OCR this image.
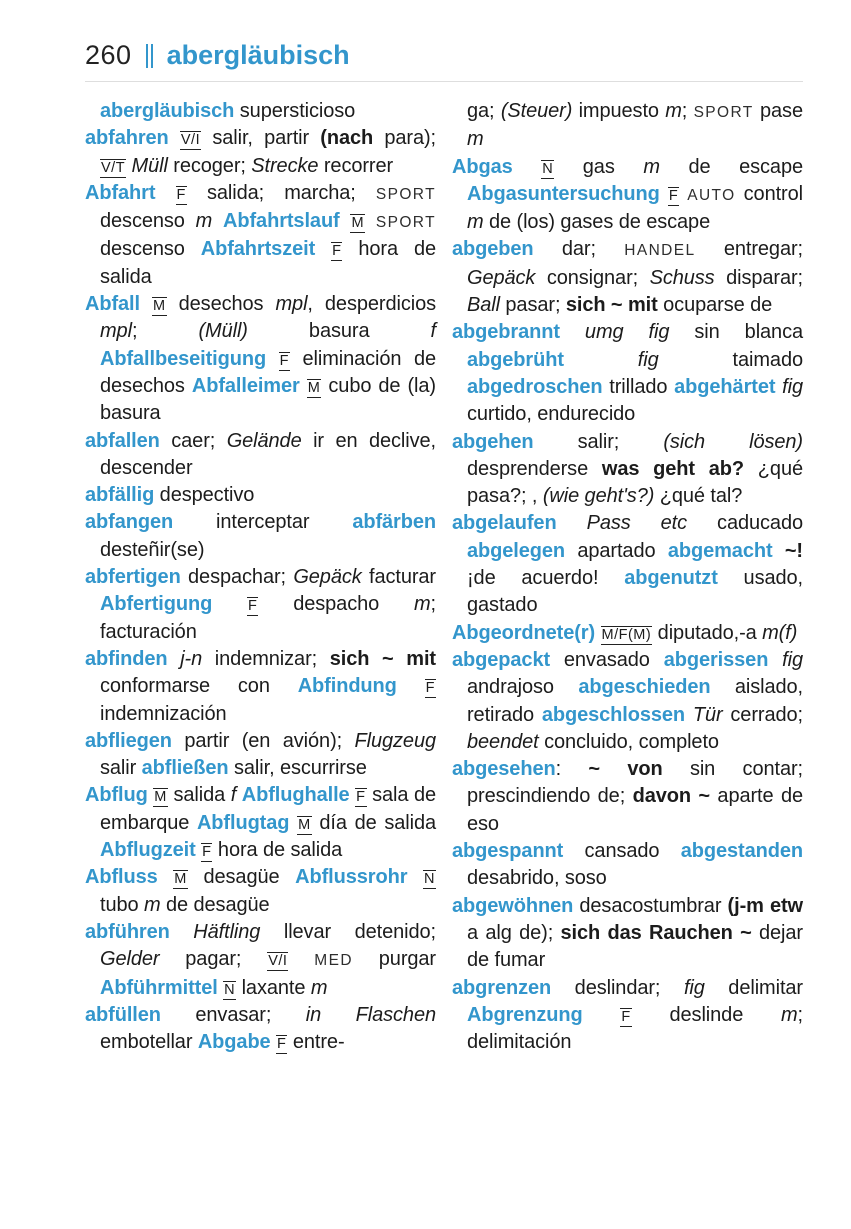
260 abergläubisch

abergläubisch supersticioso

abfahren V/I salir, partir (nach para); V/T Müll recoger; Strecke recorrer

Abfahrt F salida; marcha; SPORT descenso m Abfahrtslauf M SPORT descenso Abfahrtszeit F hora de salida

Abfall M desechos mpl, desperdicios mpl; (Müll) basura f Abfallbeseitigung F eliminación de desechos Abfalleimer M cubo de (la) basura

abfallen caer; Gelände ir en declive, descender

abfällig despectivo

abfangen interceptar abfärben desteñir(se)

abfertigen despachar; Gepäck facturar Abfertigung F despacho m; facturación

abfinden j-n indemnizar; sich ~ mit conformarse con Abfindung F indemnización

abfliegen partir (en avión); Flugzeug salir abfließen salir, escurrirse

Abflug M salida f Abflughalle F sala de embarque Abflugtag M día de salida Abflugzeit F hora de salida

Abfluss M desagüe Abflussrohr N tubo m de desagüe

abführen Häftling llevar detenido; Gelder pagar; V/I MED purgar Abführmittel N laxante m

abfüllen envasar; in Flaschen embotellar Abgabe F entre-

ga; (Steuer) impuesto m; SPORT pase m

Abgas N gas m de escape Abgasuntersuchung F AUTO control m de (los) gases de escape

abgeben dar; HANDEL entregar; Gepäck consignar; Schuss disparar; Ball pasar; sich ~ mit ocuparse de

abgebrannt umg fig sin blanca abgebrüht fig taimado abgedroschen trillado abgehärtet fig curtido, endurecido

abgehen salir; (sich lösen) desprenderse was geht ab? ¿qué pasa?; , (wie geht's?) ¿qué tal?

abgelaufen Pass etc caducado abgelegen apartado abgemacht ~! ¡de acuerdo! abgenutzt usado, gastado

Abgeordnete(r) M/F(M) diputado,-a m(f)

abgepackt envasado abgerissen fig andrajoso abgeschieden aislado, retirado abgeschlossen Tür cerrado; beendet concluido, completo

abgesehen: ~ von sin contar; prescindiendo de; davon ~ aparte de eso

abgespannt cansado abgestanden desabrido, soso

abgewöhnen desacostumbrar (j-m etw a alg de); sich das Rauchen ~ dejar de fumar

abgrenzen deslindar; fig delimitar Abgrenzung F deslinde m; delimitación
